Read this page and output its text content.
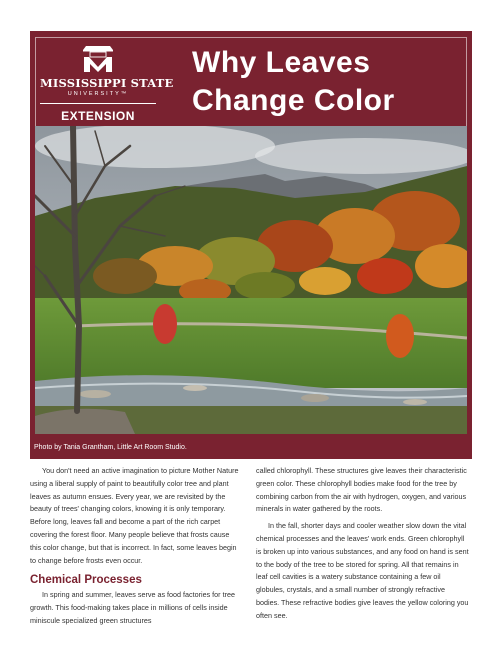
MISSISSIPPI STATE
UNIVERSITY™
EXTENSION
Why Leaves
Change Color
Photo by Tania Grantham, Little Art Room Studio.

You don't need an active imagination to picture Mother Nature using a liberal supply of paint to beautifully color tree and plant leaves as autumn ensues. Every year, we are revisited by the beauty of trees' changing colors, knowing it is only temporary. Before long, leaves fall and become a part of the rich carpet covering the forest floor. Many people believe that frosts cause this color change, but that is incorrect. In fact, some leaves begin to change before frosts even occur.

Chemical Processes

In spring and summer, leaves serve as food factories for tree growth. This food-making takes place in millions of cells inside miniscule specialized green structures

called chlorophyll. These structures give leaves their characteristic green color. These chlorophyll bodies make food for the tree by combining carbon from the air with hydrogen, oxygen, and various minerals in water gathered by the roots.

In the fall, shorter days and cooler weather slow down the vital chemical processes and the leaves' work ends. Green chlorophyll is broken up into various substances, and any food on hand is sent to the body of the tree to be stored for spring. All that remains in leaf cell cavities is a watery substance containing a few oil globules, crystals, and a small number of strongly refractive bodies. These refractive bodies give leaves the yellow coloring you often see.
